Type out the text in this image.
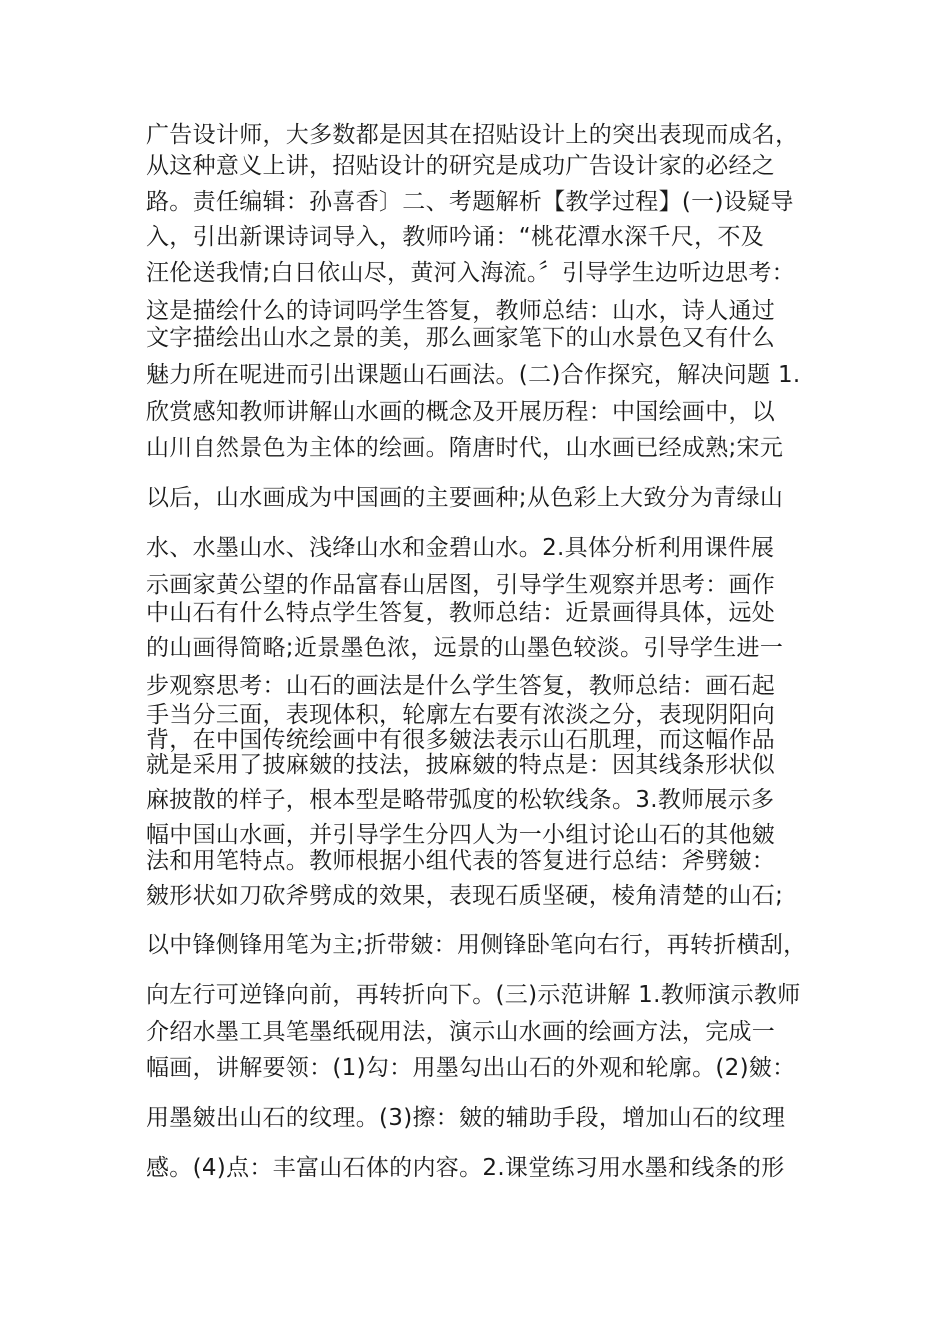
广告设计师，大多数都是因其在招贴设计上的突出表现而成名，
从这种意义上讲，招贴设计的研究是成功广告设计家的必经之
路。责任编辑：孙喜香〕二、考题解析【教学过程】(一)设疑导
入，引出新课诗词导入，教师吟诵：“桃花潭水深千尺，不及
汪伦送我情;白日依山尽，黄河入海流。〞引导学生边听边思考：
这是描绘什么的诗词吗学生答复，教师总结：山水，诗人通过
文字描绘出山水之景的美，那么画家笔下的山水景色又有什么
魅力所在呢进而引出课题山石画法。(二)合作探究，解决问题 1.
欣赏感知教师讲解山水画的概念及开展历程：中国绘画中，以
山川自然景色为主体的绘画。隋唐时代，山水画已经成熟;宋元
以后，山水画成为中国画的主要画种;从色彩上大致分为青绿山
水、水墨山水、浅绛山水和金碧山水。2.具体分析利用课件展
示画家黄公望的作品富春山居图，引导学生观察并思考：画作
中山石有什么特点学生答复，教师总结：近景画得具体，远处
的山画得简略;近景墨色浓，远景的山墨色较淡。引导学生进一
步观察思考：山石的画法是什么学生答复，教师总结：画石起
手当分三面，表现体积，轮廓左右要有浓淡之分，表现阴阳向
背，在中国传统绘画中有很多皴法表示山石肌理，而这幅作品
就是采用了披麻皴的技法，披麻皴的特点是：因其线条形状似
麻披散的样子，根本型是略带弧度的松软线条。3.教师展示多
幅中国山水画，并引导学生分四人为一小组讨论山石的其他皴
法和用笔特点。教师根据小组代表的答复进行总结：斧劈皴：
皴形状如刀砍斧劈成的效果，表现石质坚硬，棱角清楚的山石;
以中锋侧锋用笔为主;折带皴：用侧锋卧笔向右行，再转折横刮，
向左行可逆锋向前，再转折向下。(三)示范讲解 1.教师演示教师
介绍水墨工具笔墨纸砚用法，演示山水画的绘画方法，完成一
幅画，讲解要领：(1)勾：用墨勾出山石的外观和轮廓。(2)皴：
用墨皴出山石的纹理。(3)擦：皴的辅助手段，增加山石的纹理
感。(4)点：丰富山石体的内容。2.课堂练习用水墨和线条的形
